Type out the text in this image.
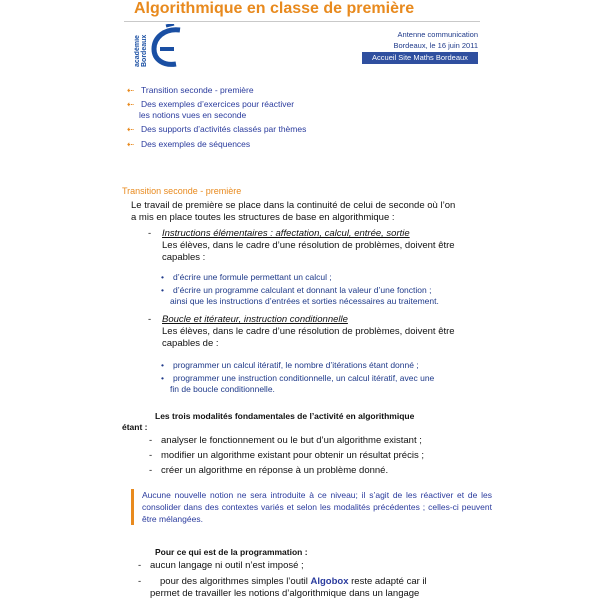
Algorithmique en classe de première
académie Bordeaux
Antenne communication
Bordeaux, le 16 juin 2011
Accueil Site Maths Bordeaux
⇠ Transition seconde - première
⇠ Des exemples d’exercices pour réactiver
les notions vues en seconde
⇠ Des supports d’activités classés par thèmes
⇠ Des exemples de séquences
Transition seconde - première
Le travail de première se place dans la continuité de celui de seconde où l’on
a mis en place toutes les structures de base en algorithmique :
- Instructions élémentaires : affectation, calcul, entrée, sortie
Les élèves, dans le cadre d’une résolution de problèmes, doivent être
capables :
• d’écrire une formule permettant un calcul ;
• d’écrire un programme calculant et donnant la valeur d’une fonction ;
ainsi que les instructions d’entrées et sorties nécessaires au traitement.
- Boucle et itérateur, instruction conditionnelle
Les élèves, dans le cadre d’une résolution de problèmes, doivent être
capables de :
• programmer un calcul itératif, le nombre d’itérations étant donné ;
• programmer une instruction conditionnelle, un calcul itératif, avec une
fin de boucle conditionnelle.
Les trois modalités fondamentales de l’activité en algorithmique
étant :
- analyser le fonctionnement ou le but d’un algorithme existant ;
- modifier un algorithme existant pour obtenir un résultat précis ;
- créer un algorithme en réponse à un problème donné.
Aucune nouvelle notion ne sera introduite à ce niveau; il s’agit de les réactiver et de les consolider dans des contextes variés et selon les modalités précédentes ; celles-ci peuvent être mélangées.
Pour ce qui est de la programmation :
- aucun langage ni outil n’est imposé ;
- pour des algorithmes simples l’outil Algobox reste adapté car il
permet de travailler les notions d’algorithmique dans un langage
